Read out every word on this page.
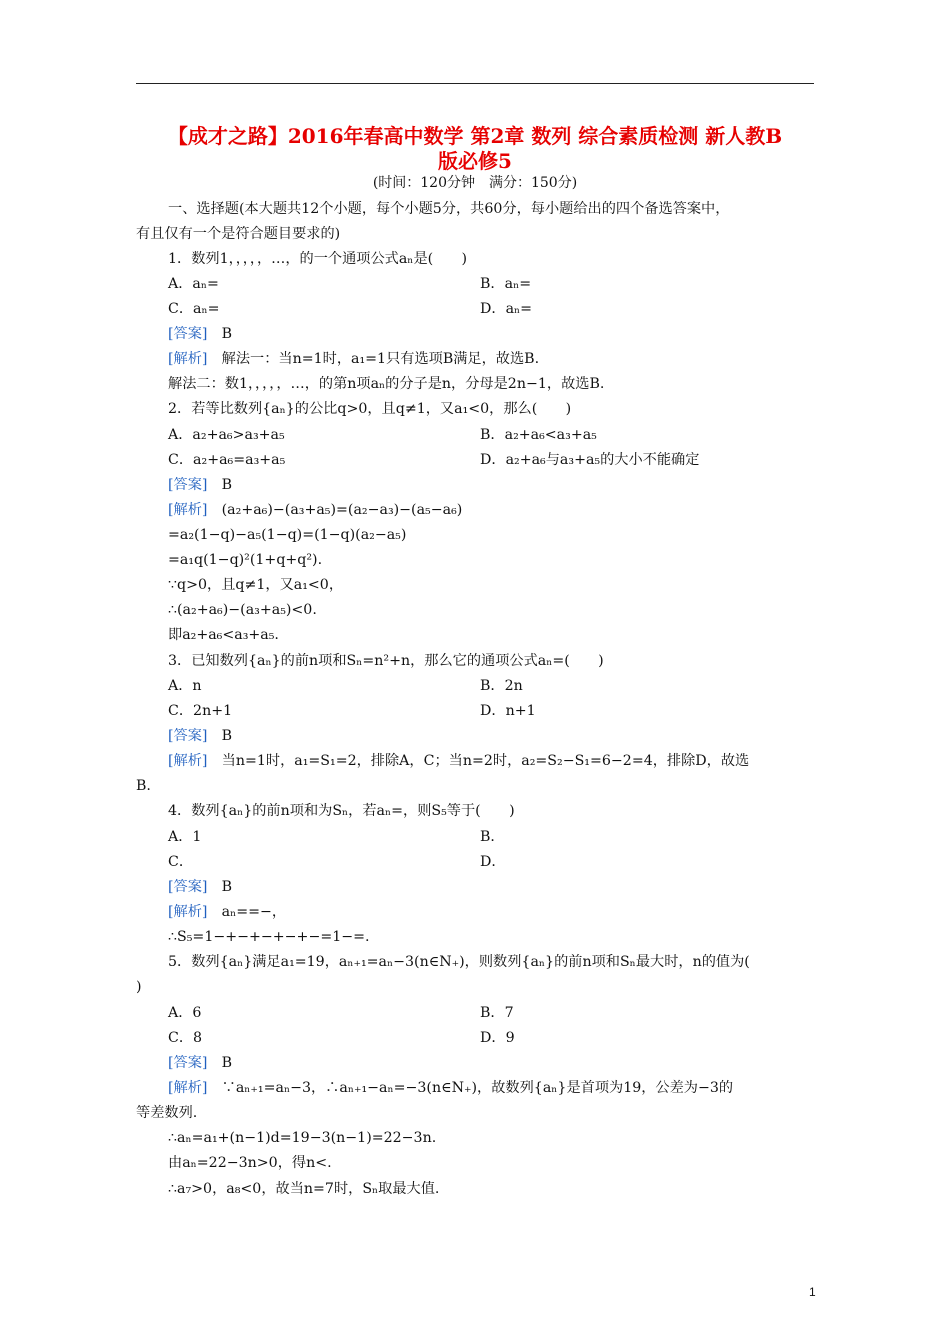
【成才之路】2016年春高中数学 第2章 数列 综合素质检测 新人教B
版必修5
(时间：120分钟　满分：150分)
一、选择题(本大题共12个小题，每个小题5分，共60分，每小题给出的四个备选答案中，
有且仅有一个是符合题目要求的)
1．数列1，，，，，…，的一个通项公式aₙ是(　　)
A．aₙ=	B．aₙ=
C．aₙ=	D．aₙ=
[答案]　B
[解析]　解法一：当n=1时，a₁=1只有选项B满足，故选B.
解法二：数1，，，，，…，的第n项aₙ的分子是n，分母是2n−1，故选B.
2．若等比数列{aₙ}的公比q>0，且q≠1，又a₁<0，那么(　　)
A．a₂+a₆>a₃+a₅	B．a₂+a₆<a₃+a₅
C．a₂+a₆=a₃+a₅	D．a₂+a₆与a₃+a₅的大小不能确定
[答案]　B
[解析]　(a₂+a₆)−(a₃+a₅)=(a₂−a₃)−(a₅−a₆)
=a₂(1−q)−a₅(1−q)=(1−q)(a₂−a₅)
=a₁q(1−q)²(1+q+q²).
∵q>0，且q≠1，又a₁<0，
∴(a₂+a₆)−(a₃+a₅)<0.
即a₂+a₆<a₃+a₅.
3．已知数列{aₙ}的前n项和Sₙ=n²+n，那么它的通项公式aₙ=(　　)
A．n	B．2n
C．2n+1	D．n+1
[答案]　B
[解析]　当n=1时，a₁=S₁=2，排除A，C；当n=2时，a₂=S₂−S₁=6−2=4，排除D，故选
B.
4．数列{aₙ}的前n项和为Sₙ，若aₙ=，则S₅等于(　　)
A．1	B．
C．	D．
[答案]　B
[解析]　aₙ==−，
∴S₅=1−+−+−+−+−=1−=.
5．数列{aₙ}满足a₁=19，aₙ₊₁=aₙ−3(n∈N₊)，则数列{aₙ}的前n项和Sₙ最大时，n的值为(
)
A．6	B．7
C．8	D．9
[答案]　B
[解析]　∵aₙ₊₁=aₙ−3，∴aₙ₊₁−aₙ=−3(n∈N₊)，故数列{aₙ}是首项为19，公差为−3的
等差数列.
∴aₙ=a₁+(n−1)d=19−3(n−1)=22−3n.
由aₙ=22−3n>0，得n<.
∴a₇>0，a₈<0，故当n=7时，Sₙ取最大值.
1
